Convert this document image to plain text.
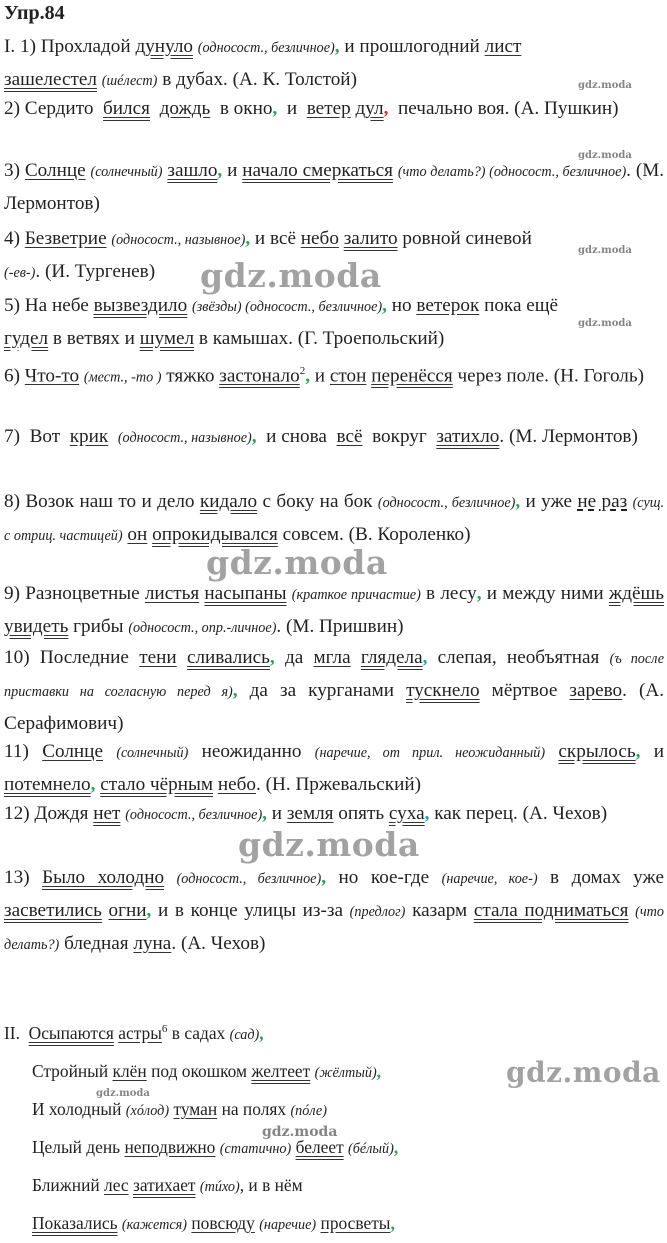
Упр.84
I. 1) Прохладой дунуло (односост., безличное), и прошлогодний лист
зашелестел (шéлест) в дубах. (А. К. Толстой)
2) Сердито бился дождь в окно, и ветер дул, печально воя. (А. Пушкин)
3) Солнце (солнечный) зашло, и начало смеркаться (что делать?) (односост., безличное). (М. Лермонтов)
4) Безветрие (односост., назывное), и всё небо залито ровной синевой
(-ев-). (И. Тургенев)
5) На небе вызвездило (звёзды) (односост., безличное), но ветерок пока ещё
гудел в ветвях и шумел в камышах. (Г. Троепольский)
6) Что-то (мест., -то ) тяжко застонало$^2$, и стон перенёсся через поле. (Н. Гоголь)
7) Вот крик (односост., назывное), и снова всё вокруг затихло. (М. Лермонтов)
8) Возок наш то и дело кидало с боку на бок (односост., безличное), и уже не раз (сущ. с отриц. частицей) он опрокидывался совсем. (В. Короленко)
9) Разноцветные листья насыпаны (краткое причастие) в лесу, и между ними ждёшь увидеть грибы (односост., опр.-личное). (М. Пришвин)
10) Последние тени сливались, да мгла глядела, слепая, необъятная (ъ после приставки на согласную перед я), да за курганами тускнело мёртвое зарево. (А. Серафимович)
11) Солнце (солнечный) неожиданно (наречие, от прил. неожиданный) скрылось, и потемнело, стало чёрным небо. (Н. Пржевальский)
12) Дождя нет (односост., безличное), и земля опять суха, как перец. (А. Чехов)
13) Было холодно (односост., безличное), но кое-где (наречие, кое-) в домах уже засветились огни, и в конце улицы из-за (предлог) казарм стала подниматься (что делать?) бледная луна. (А. Чехов)
II. Осыпаются астры$^6$ в садах (сад),
Стройный клён под окошком желтеет (жёлтый),
И холодный (хóлод) туман на полях (пóле)
Целый день неподвижно (статично) белеет (бéлый),
Ближний лес затихает (тúхо), и в нём
Показались (кажется) повсюду (наречие) просветы,
gdz.moda
gdz.moda
gdz.moda
gdz.moda
gdz.moda
gdz.moda
gdz.moda
gdz.moda
gdz.moda
gdz.moda
